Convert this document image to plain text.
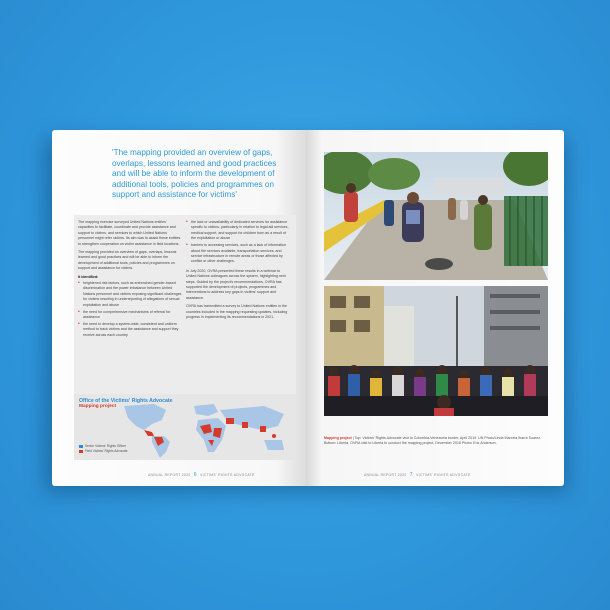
'The mapping provided an overview of gaps, overlaps, lessons learned and good practices and will be able to inform the development of additional tools, policies and programmes on support and assistance for victims'

The mapping exercise surveyed United Nations entities' capacities to facilitate, coordinate and provide assistance and support to victims, and services to which United Nations personnel might refer victims. Its aim was to assist these entities to strengthen cooperation on victim assistance in field locations.

The mapping provided an overview of gaps, overlaps, lessons learned and good practices and will be able to inform the development of additional tools, policies and programmes on support and assistance for victims.

It identified:
• heightened risk factors, such as entrenched gender-based discrimination and the power imbalance between United Nations personnel and victims exposing significant challenges for victims resulting in underreporting of allegations of sexual exploitation and abuse
• the need for comprehensive mechanisms of referral for assistance
• the need to develop a system-wide, consistent and uniform method to track victims and the assistance and support they receive across each country
• the lack or unavailability of dedicated services for assistance specific to victims, particularly in relation to legal aid services, medical support, and support for children born as a result of the exploitation or abuse
• barriers to accessing services, such as a lack of information about the services available, transportation services, and service infrastructure in remote areas or those affected by conflict or other challenges.

In July 2020, OVRA presented these results in a webinar to United Nations colleagues across the system, highlighting next steps. Guided by the project's recommendations, OVRA has supported the development of projects, programmes and interventions to address key gaps in victims' support and assistance.

OVRA has transmitted a survey to United Nations entities in the countries included in the mapping requesting updates, including progress in implementing its recommendations in 2021.

Office of the Victims' Rights Advocate
Mapping project
Senior Victims' Rights Officer
Field Victims' Rights Advocate
ANNUAL REPORT 2020 6 VICTIMS' RIGHTS ADVOCATE
Mapping project | Top: Victims' Rights Advocate visit to Colombia-Venezuela border, April 2019. UN Photo/Linda Marcela Ibarra Suarez. Bottom: Liberia. OVRA visit to Liberia to conduct the mapping project, December 2018 Photo/ Eric Anderson.
ANNUAL REPORT 2020 7 VICTIMS' RIGHTS ADVOCATE
